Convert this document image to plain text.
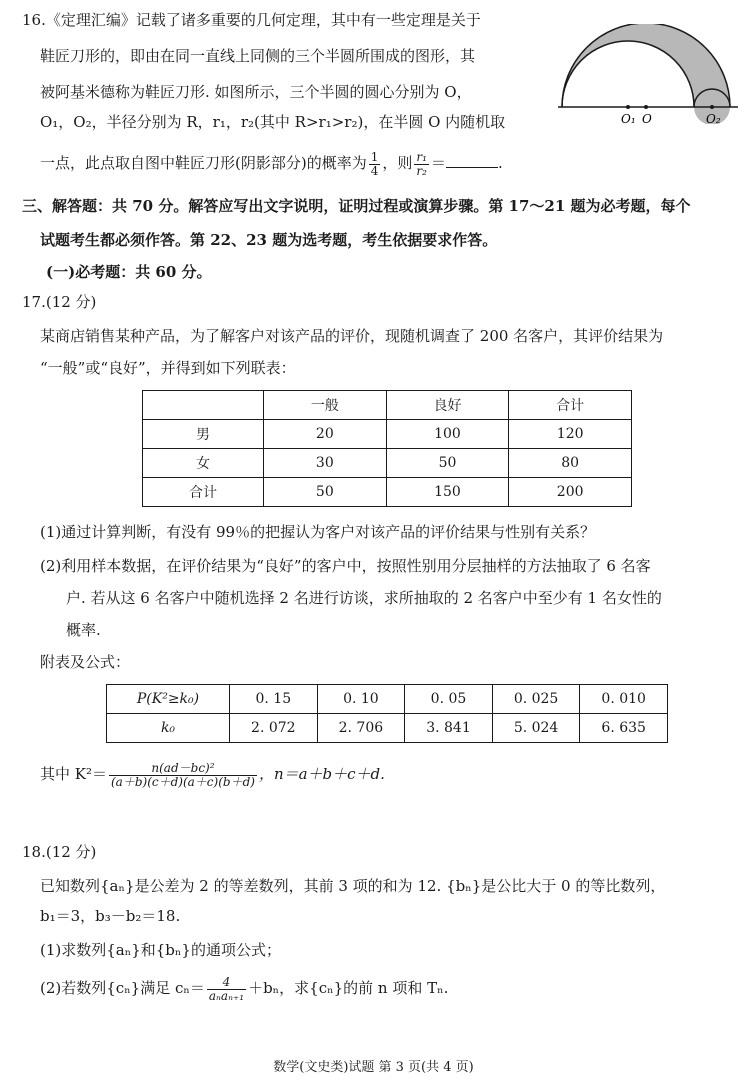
16.《定理汇编》记载了诸多重要的几何定理，其中有一些定理是关于
鞋匠刀形的，即由在同一直线上同侧的三个半圆所围成的图形，其
被阿基米德称为鞋匠刀形. 如图所示，三个半圆的圆心分别为 O，
O₁，O₂，半径分别为 R，r₁，r₂(其中 R>r₁>r₂)，在半圆 O 内随机取
一点，此点取自图中鞋匠刀形(阴影部分)的概率为 $\frac{1}{4}$ ，则 $\frac{\text{r₁}}{\text{r₂}}$ ＝	.
O₁ O	O₂
三、解答题：共 70 分。解答应写出文字说明，证明过程或演算步骤。第 17～21 题为必考题，每个
试题考生都必须作答。第 22、23 题为选考题，考生依据要求作答。
(一)必考题：共 60 分。
17.(12 分)
某商店销售某种产品，为了解客户对该产品的评价，现随机调查了 200 名客户，其评价结果为
“一般”或“良好”，并得到如下列联表：
	一般	良好	合计
男	20	100	120
女	30	50	80
合计	50	150	200
(1)通过计算判断，有没有 99％的把握认为客户对该产品的评价结果与性别有关系？
(2)利用样本数据，在评价结果为“良好”的客户中，按照性别用分层抽样的方法抽取了 6 名客
户. 若从这 6 名客户中随机选择 2 名进行访谈，求所抽取的 2 名客户中至少有 1 名女性的
概率.
附表及公式：
P(K²≥k₀)	0. 15	0. 10	0. 05	0. 025	0. 010
k₀	2. 072	2. 706	3. 841	5. 024	6. 635
其中 $K^2= \frac{\text{n(ad－bc)²}}{(a+b)(c+d)(a+c)(b+d)}$ ，n＝a＋b＋c＋d.
18.(12 分)
已知数列{aₙ}是公差为 2 的等差数列，其前 3 项的和为 12. {bₙ}是公比大于 0 的等比数列，
b₁＝3，b₃－b₂＝18.
(1)求数列{aₙ}和{bₙ}的通项公式；
(2)若数列{cₙ}满足 $c_n= \frac{4}{\text{aₙaₙ₊₁}} +b_n$，求{cₙ}的前 n 项和 Tₙ.
数学(文史类)试题 第 3 页(共 4 页)
